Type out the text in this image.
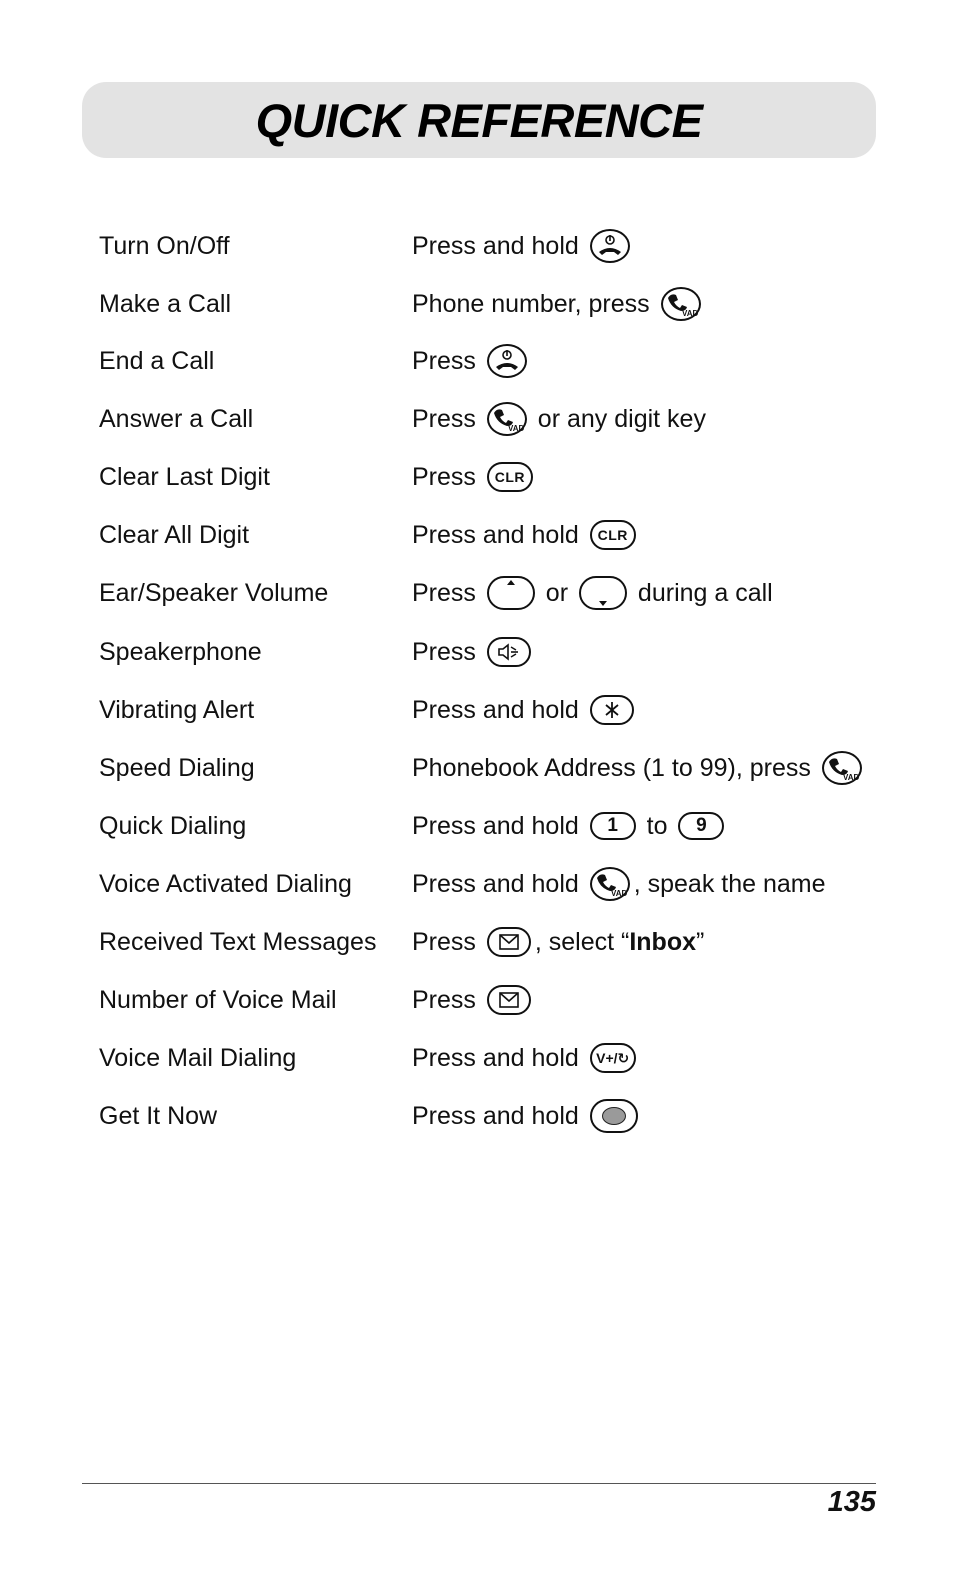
QUICK REFERENCE
Turn On/Off	Press and hold
Make a Call	Phone number, press	VAD
End a Call	Press
Answer a Call	Press	VAD or any digit key
Clear Last Digit	Press CLR
Clear All Digit	Press and hold CLR
Ear/Speaker Volume	Press or during a call
Speakerphone	Press
Vibrating Alert	Press and hold
Speed Dialing	Phonebook Address (1 to 99), press	VAD
Quick Dialing	Press and hold	1 to	9
Voice Activated Dialing	Press and hold	VAD , speak the name
Received Text Messages	Press , select “ Inbox ”
Number of Voice Mail	Press
Voice Mail Dialing	Press and hold V+/↻
Get It Now	Press and hold
135
